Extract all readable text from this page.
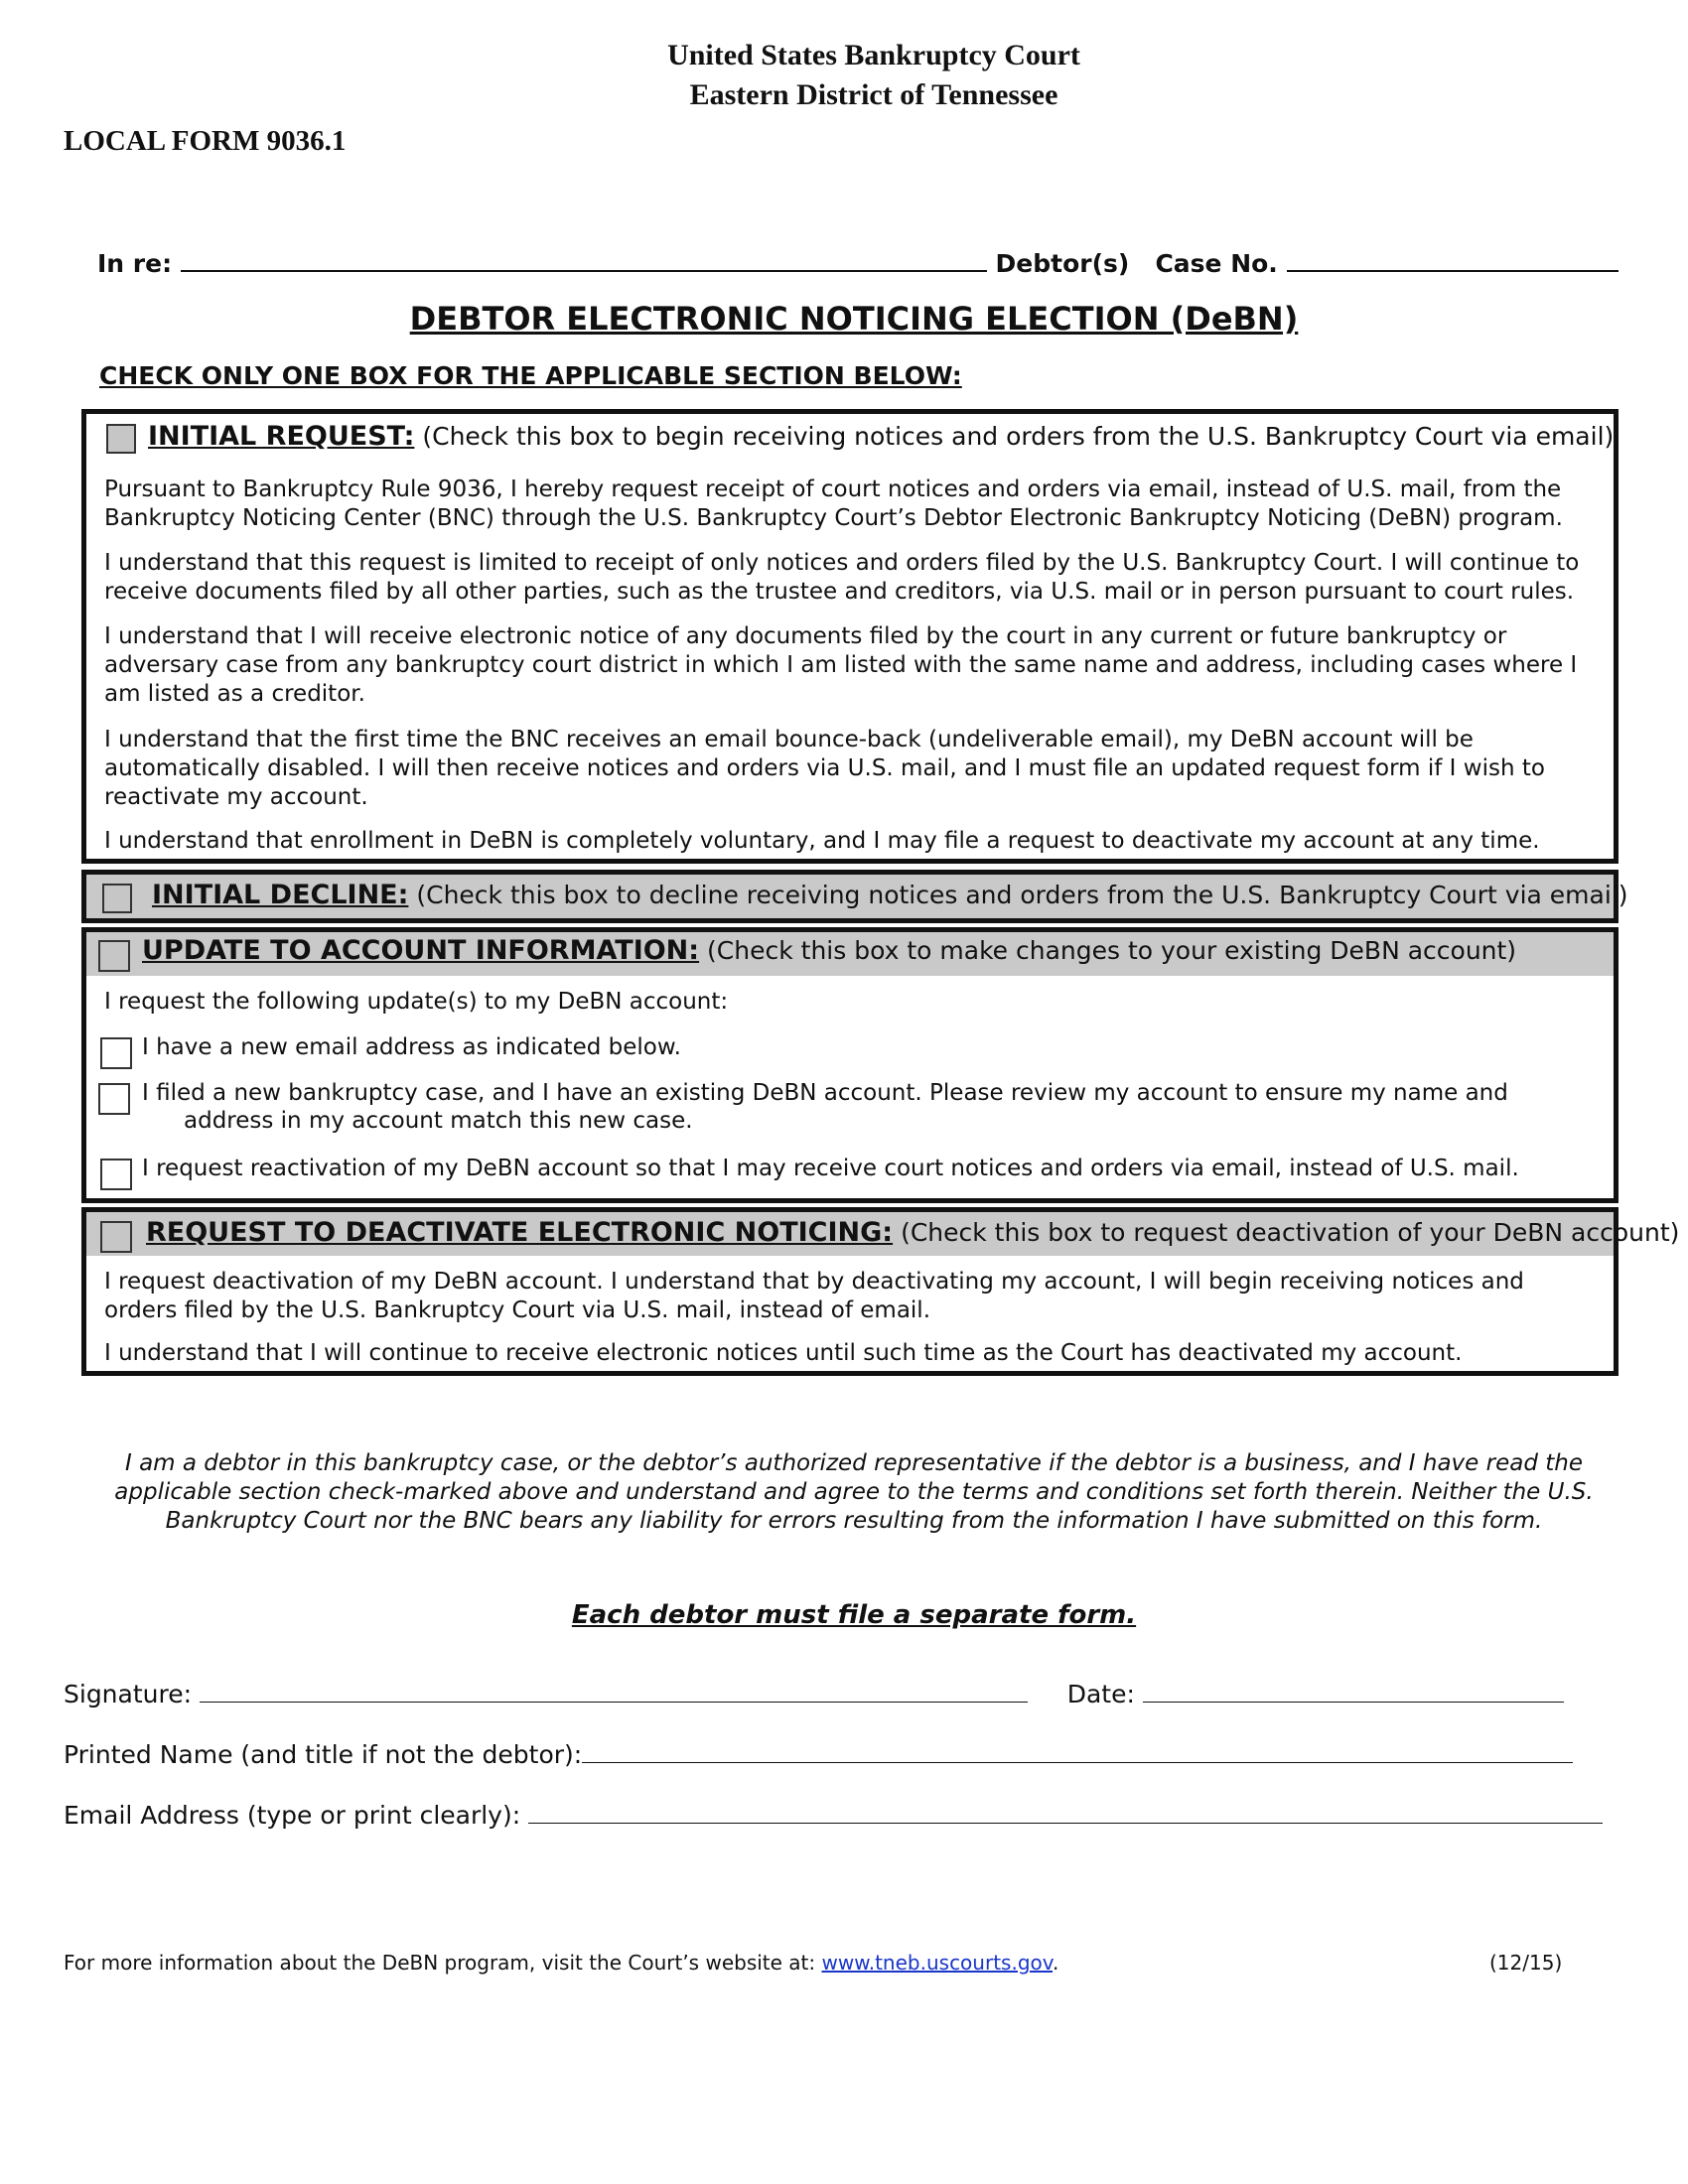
United States Bankruptcy Court
Eastern District of Tennessee
LOCAL FORM 9036.1
In re:	Debtor(s) Case No.
DEBTOR ELECTRONIC NOTICING ELECTION (DeBN)
CHECK ONLY ONE BOX FOR THE APPLICABLE SECTION BELOW:
INITIAL REQUEST: (Check this box to begin receiving notices and orders from the U.S. Bankruptcy Court via email)
Pursuant to Bankruptcy Rule 9036, I hereby request receipt of court notices and orders via email, instead of U.S. mail, from the Bankruptcy Noticing Center (BNC) through the U.S. Bankruptcy Court’s Debtor Electronic Bankruptcy Noticing (DeBN) program.
I understand that this request is limited to receipt of only notices and orders filed by the U.S. Bankruptcy Court. I will continue to receive documents filed by all other parties, such as the trustee and creditors, via U.S. mail or in person pursuant to court rules.
I understand that I will receive electronic notice of any documents filed by the court in any current or future bankruptcy or adversary case from any bankruptcy court district in which I am listed with the same name and address, including cases where I am listed as a creditor.
I understand that the first time the BNC receives an email bounce-back (undeliverable email), my DeBN account will be automatically disabled. I will then receive notices and orders via U.S. mail, and I must file an updated request form if I wish to reactivate my account.
I understand that enrollment in DeBN is completely voluntary, and I may file a request to deactivate my account at any time.
INITIAL DECLINE: (Check this box to decline receiving notices and orders from the U.S. Bankruptcy Court via email)
UPDATE TO ACCOUNT INFORMATION: (Check this box to make changes to your existing DeBN account)
I request the following update(s) to my DeBN account:
I have a new email address as indicated below.
I filed a new bankruptcy case, and I have an existing DeBN account. Please review my account to ensure my name and
address in my account match this new case.
I request reactivation of my DeBN account so that I may receive court notices and orders via email, instead of U.S. mail.
REQUEST TO DEACTIVATE ELECTRONIC NOTICING: (Check this box to request deactivation of your DeBN account)
I request deactivation of my DeBN account. I understand that by deactivating my account, I will begin receiving notices and orders filed by the U.S. Bankruptcy Court via U.S. mail, instead of email.
I understand that I will continue to receive electronic notices until such time as the Court has deactivated my account.
I am a debtor in this bankruptcy case, or the debtor’s authorized representative if the debtor is a business, and I have read the applicable section check-marked above and understand and agree to the terms and conditions set forth therein. Neither the U.S. Bankruptcy Court nor the BNC bears any liability for errors resulting from the information I have submitted on this form.
Each debtor must file a separate form.
Signature:	Date:
Printed Name (and title if not the debtor):
Email Address (type or print clearly):
For more information about the DeBN program, visit the Court’s website at: www.tneb.uscourts.gov.	(12/15)
